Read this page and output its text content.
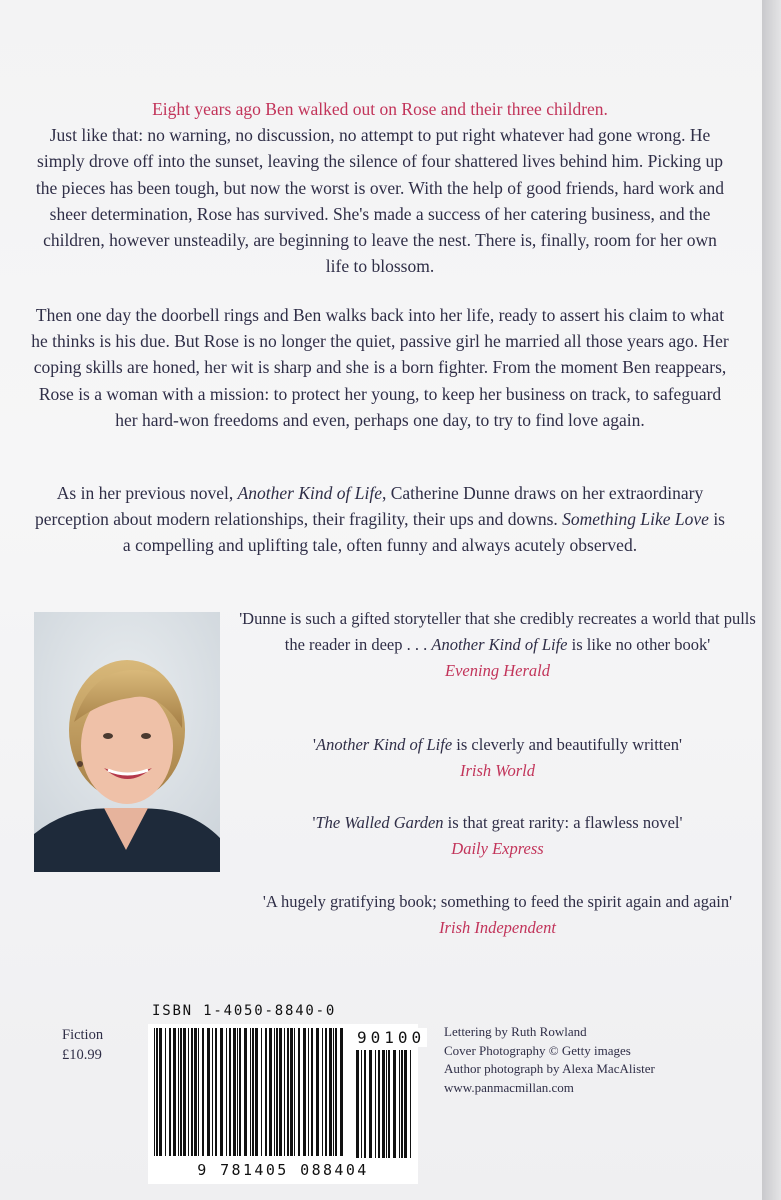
Eight years ago Ben walked out on Rose and their three children.
Just like that: no warning, no discussion, no attempt to put right whatever had gone wrong. He simply drove off into the sunset, leaving the silence of four shattered lives behind him. Picking up the pieces has been tough, but now the worst is over. With the help of good friends, hard work and sheer determination, Rose has survived. She's made a success of her catering business, and the children, however unsteadily, are beginning to leave the nest. There is, finally, room for her own life to blossom.
Then one day the doorbell rings and Ben walks back into her life, ready to assert his claim to what he thinks is his due. But Rose is no longer the quiet, passive girl he married all those years ago. Her coping skills are honed, her wit is sharp and she is a born fighter. From the moment Ben reappears, Rose is a woman with a mission: to protect her young, to keep her business on track, to safeguard her hard-won freedoms and even, perhaps one day, to try to find love again.
As in her previous novel, Another Kind of Life, Catherine Dunne draws on her extraordinary perception about modern relationships, their fragility, their ups and downs. Something Like Love is a compelling and uplifting tale, often funny and always acutely observed.
'Dunne is such a gifted storyteller that she credibly recreates a world that pulls the reader in deep . . . Another Kind of Life is like no other book'
Evening Herald
'Another Kind of Life is cleverly and beautifully written'
Irish World
'The Walled Garden is that great rarity: a flawless novel'
Daily Express
'A hugely gratifying book; something to feed the spirit again and again'
Irish Independent
Fiction
£10.99
ISBN 1-4050-8840-0
90100
9 781405 088404
Lettering by Ruth Rowland
Cover Photography © Getty images
Author photograph by Alexa MacAlister
www.panmacmillan.com
